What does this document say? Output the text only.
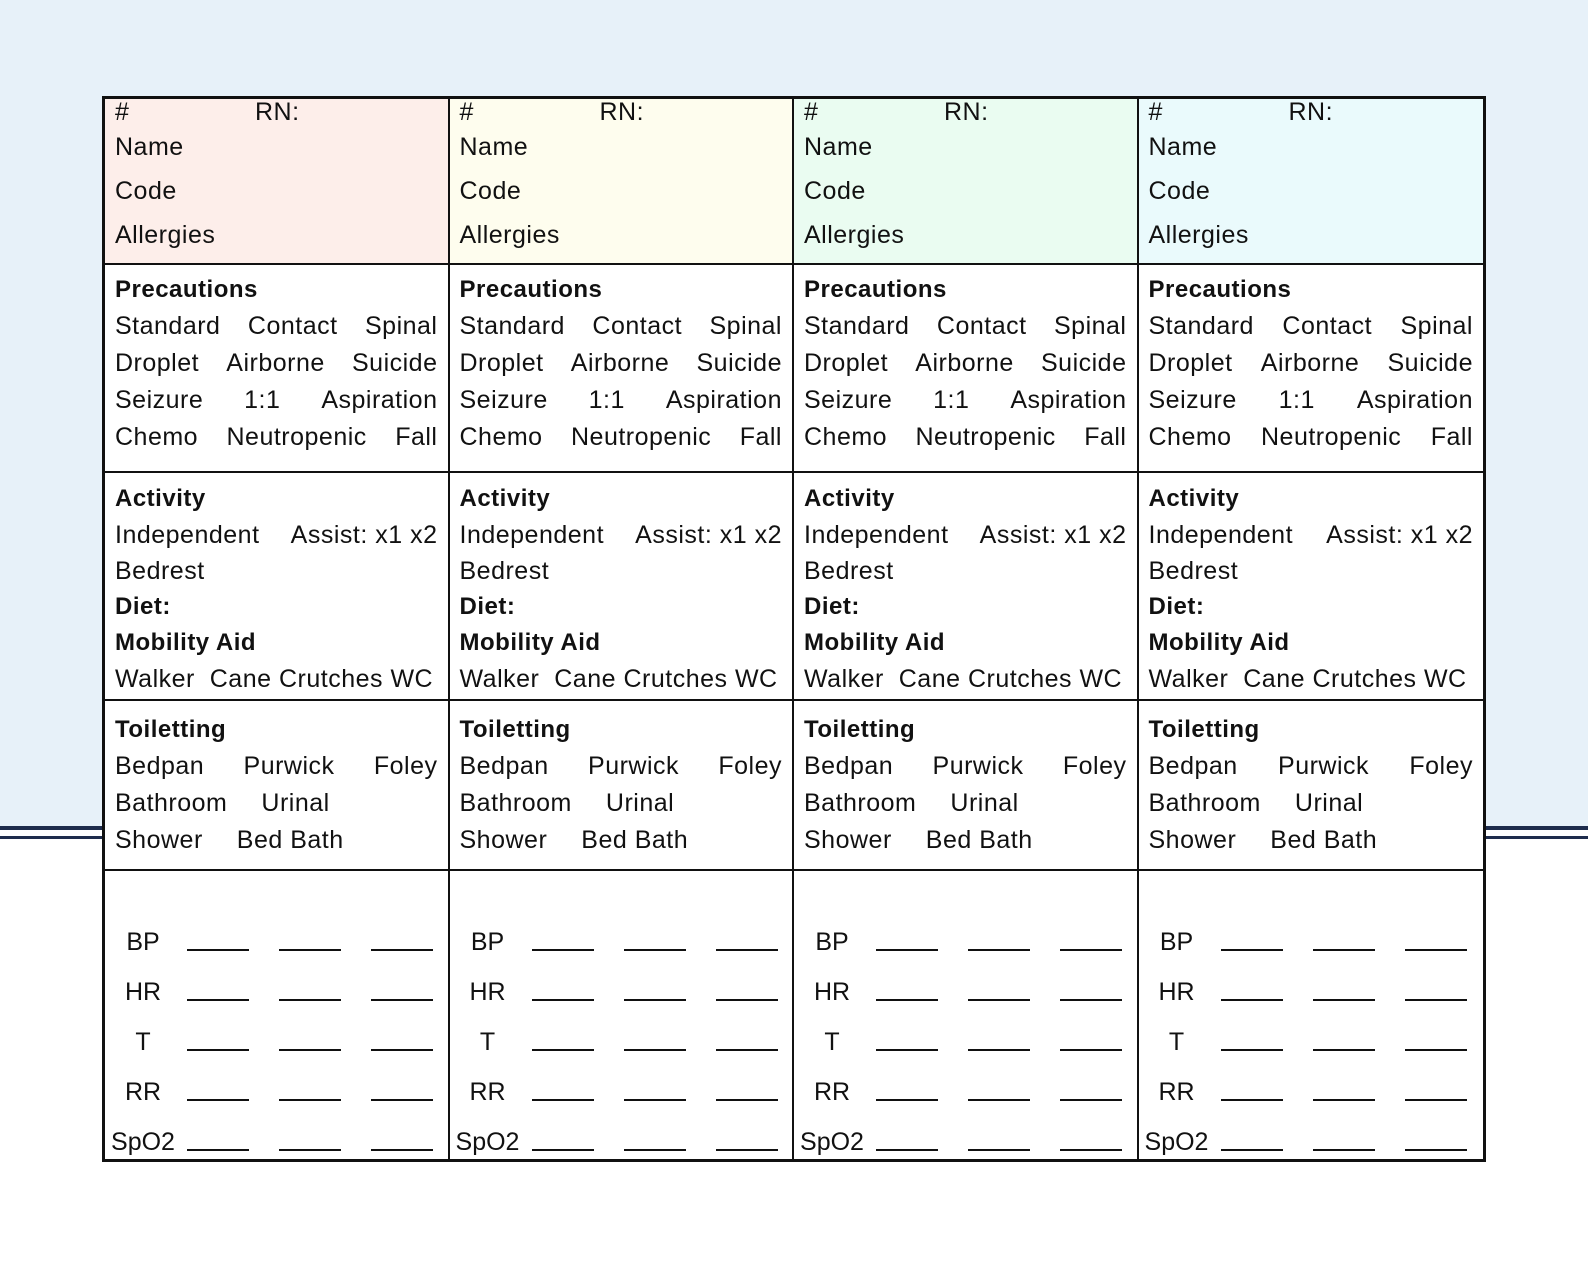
#	RN:
Name
Code
Allergies
Precautions
Standard Contact Spinal
Droplet Airborne Suicide
Seizure 1:1 Aspiration
Chemo Neutropenic Fall
Activity
Independent Assist: x1 x2
Bedrest
Diet:
Mobility Aid
Walker  Cane Crutches WC
Toiletting
Bedpan Purwick Foley
Bathroom Urinal
Shower Bed Bath
BP
HR
T
RR
SpO2
#	RN:
Name
Code
Allergies
Precautions
Standard Contact Spinal
Droplet Airborne Suicide
Seizure 1:1 Aspiration
Chemo Neutropenic Fall
Activity
Independent Assist: x1 x2
Bedrest
Diet:
Mobility Aid
Walker  Cane Crutches WC
Toiletting
Bedpan Purwick Foley
Bathroom Urinal
Shower Bed Bath
BP
HR
T
RR
SpO2
#	RN:
Name
Code
Allergies
Precautions
Standard Contact Spinal
Droplet Airborne Suicide
Seizure 1:1 Aspiration
Chemo Neutropenic Fall
Activity
Independent Assist: x1 x2
Bedrest
Diet:
Mobility Aid
Walker  Cane Crutches WC
Toiletting
Bedpan Purwick Foley
Bathroom Urinal
Shower Bed Bath
BP
HR
T
RR
SpO2
#	RN:
Name
Code
Allergies
Precautions
Standard Contact Spinal
Droplet Airborne Suicide
Seizure 1:1 Aspiration
Chemo Neutropenic Fall
Activity
Independent Assist: x1 x2
Bedrest
Diet:
Mobility Aid
Walker  Cane Crutches WC
Toiletting
Bedpan Purwick Foley
Bathroom Urinal
Shower Bed Bath
BP
HR
T
RR
SpO2
